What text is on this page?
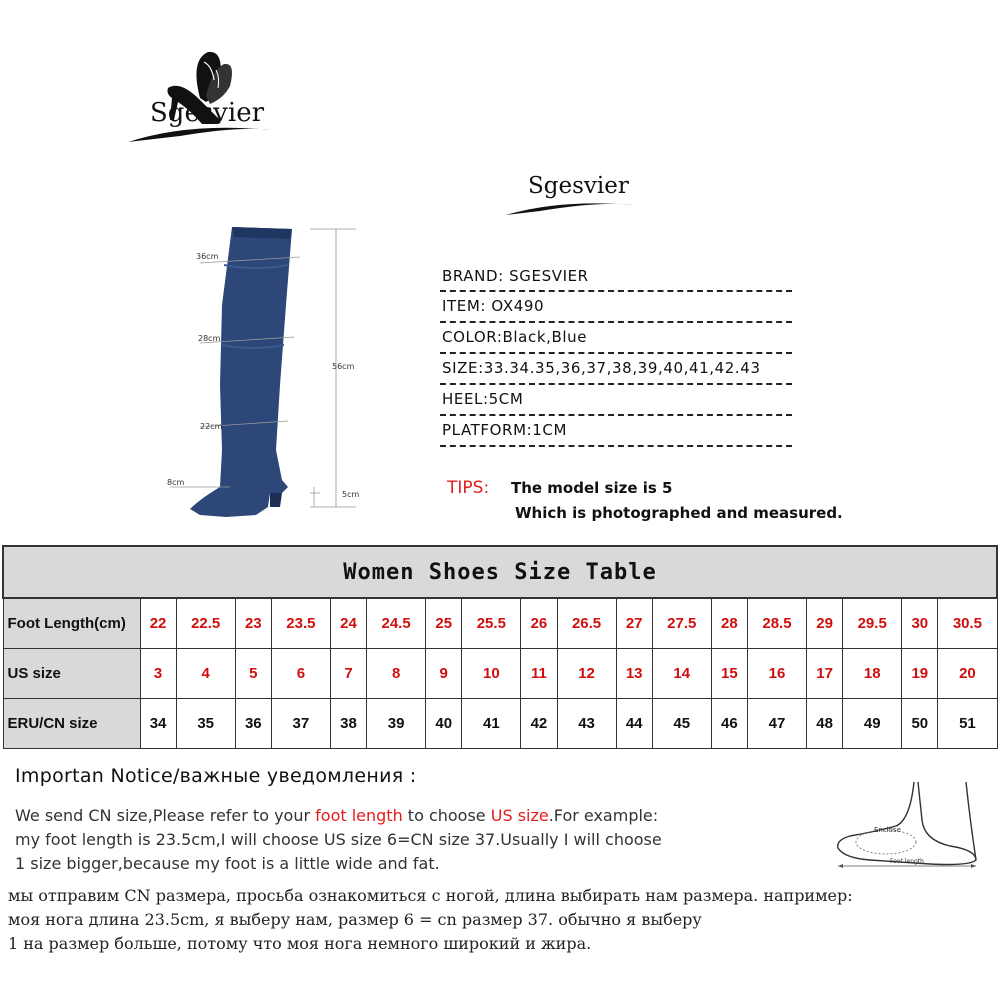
Sgesvier
Sgesvier
36cm
28cm
22cm
8cm
56cm
5cm
BRAND: SGESVIER
ITEM: OX490
COLOR:Black,Blue
SIZE:33.34.35,36,37,38,39,40,41,42.43
HEEL:5CM
PLATFORM:1CM
TIPS: The model size is 5
Which is photographed and measured.
Women Shoes Size Table																		
Foot Length(cm)	22	22.5	23	23.5	24	24.5	25	25.5	26	26.5	27	27.5	28	28.5	29	29.5	30	30.5
US size	3	4	5	6	7	8	9	10	11	12	13	14	15	16	17	18	19	20
ERU/CN size	34	35	36	37	38	39	40	41	42	43	44	45	46	47	48	49	50	51
Importan Notice/важные уведомления :
We send CN size,Please refer to your foot length to choose US size.For example:
my foot length is 23.5cm,I will choose US size 6=CN size 37.Usually I will choose
1 size bigger,because my foot is a little wide and fat.
мы отправим CN размера, просьба ознакомиться с ногой, длина выбирать нам размера. например:
моя нога длина 23.5cm, я выберу нам, размер 6 = cn размер 37. обычно я выберу
1 на размер больше, потому что моя нога немного широкий и жира.
Enclose
Foot length
